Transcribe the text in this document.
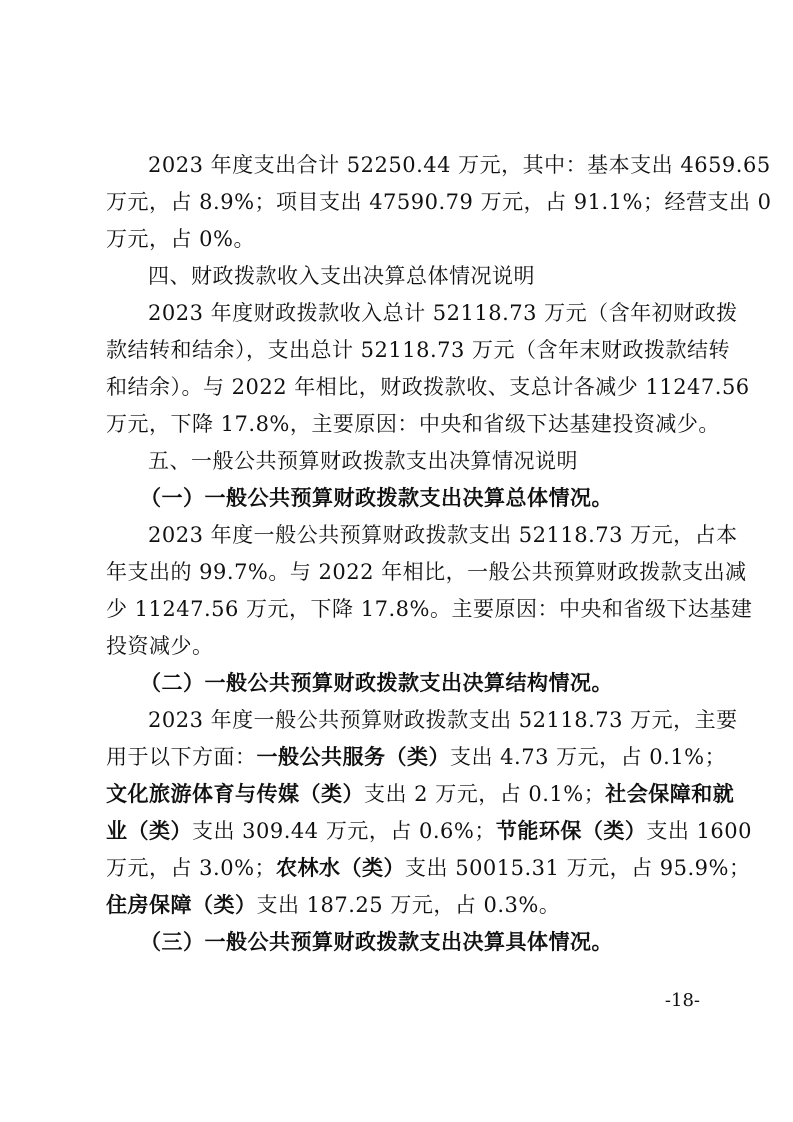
2023 年度支出合计 52250.44 万元，其中：基本支出 4659.65
万元，占 8.9%；项目支出 47590.79 万元，占 91.1%；经营支出 0
万元，占 0%。
四、财政拨款收入支出决算总体情况说明
2023 年度财政拨款收入总计 52118.73 万元（含年初财政拨
款结转和结余），支出总计 52118.73 万元（含年末财政拨款结转
和结余）。与 2022 年相比，财政拨款收、支总计各减少 11247.56
万元，下降 17.8%，主要原因：中央和省级下达基建投资减少。
五、一般公共预算财政拨款支出决算情况说明
（一）一般公共预算财政拨款支出决算总体情况。
2023 年度一般公共预算财政拨款支出 52118.73 万元，占本
年支出的 99.7%。与 2022 年相比，一般公共预算财政拨款支出减
少 11247.56 万元，下降 17.8%。主要原因：中央和省级下达基建
投资减少。
（二）一般公共预算财政拨款支出决算结构情况。
2023 年度一般公共预算财政拨款支出 52118.73 万元，主要
用于以下方面：一般公共服务（类）支出 4.73 万元，占 0.1%；
文化旅游体育与传媒（类）支出 2 万元，占 0.1%；社会保障和就
业（类）支出 309.44 万元，占 0.6%；节能环保（类）支出 1600
万元，占 3.0%；农林水（类）支出 50015.31 万元，占 95.9%；
住房保障（类）支出 187.25 万元，占 0.3%。
（三）一般公共预算财政拨款支出决算具体情况。
-18-
